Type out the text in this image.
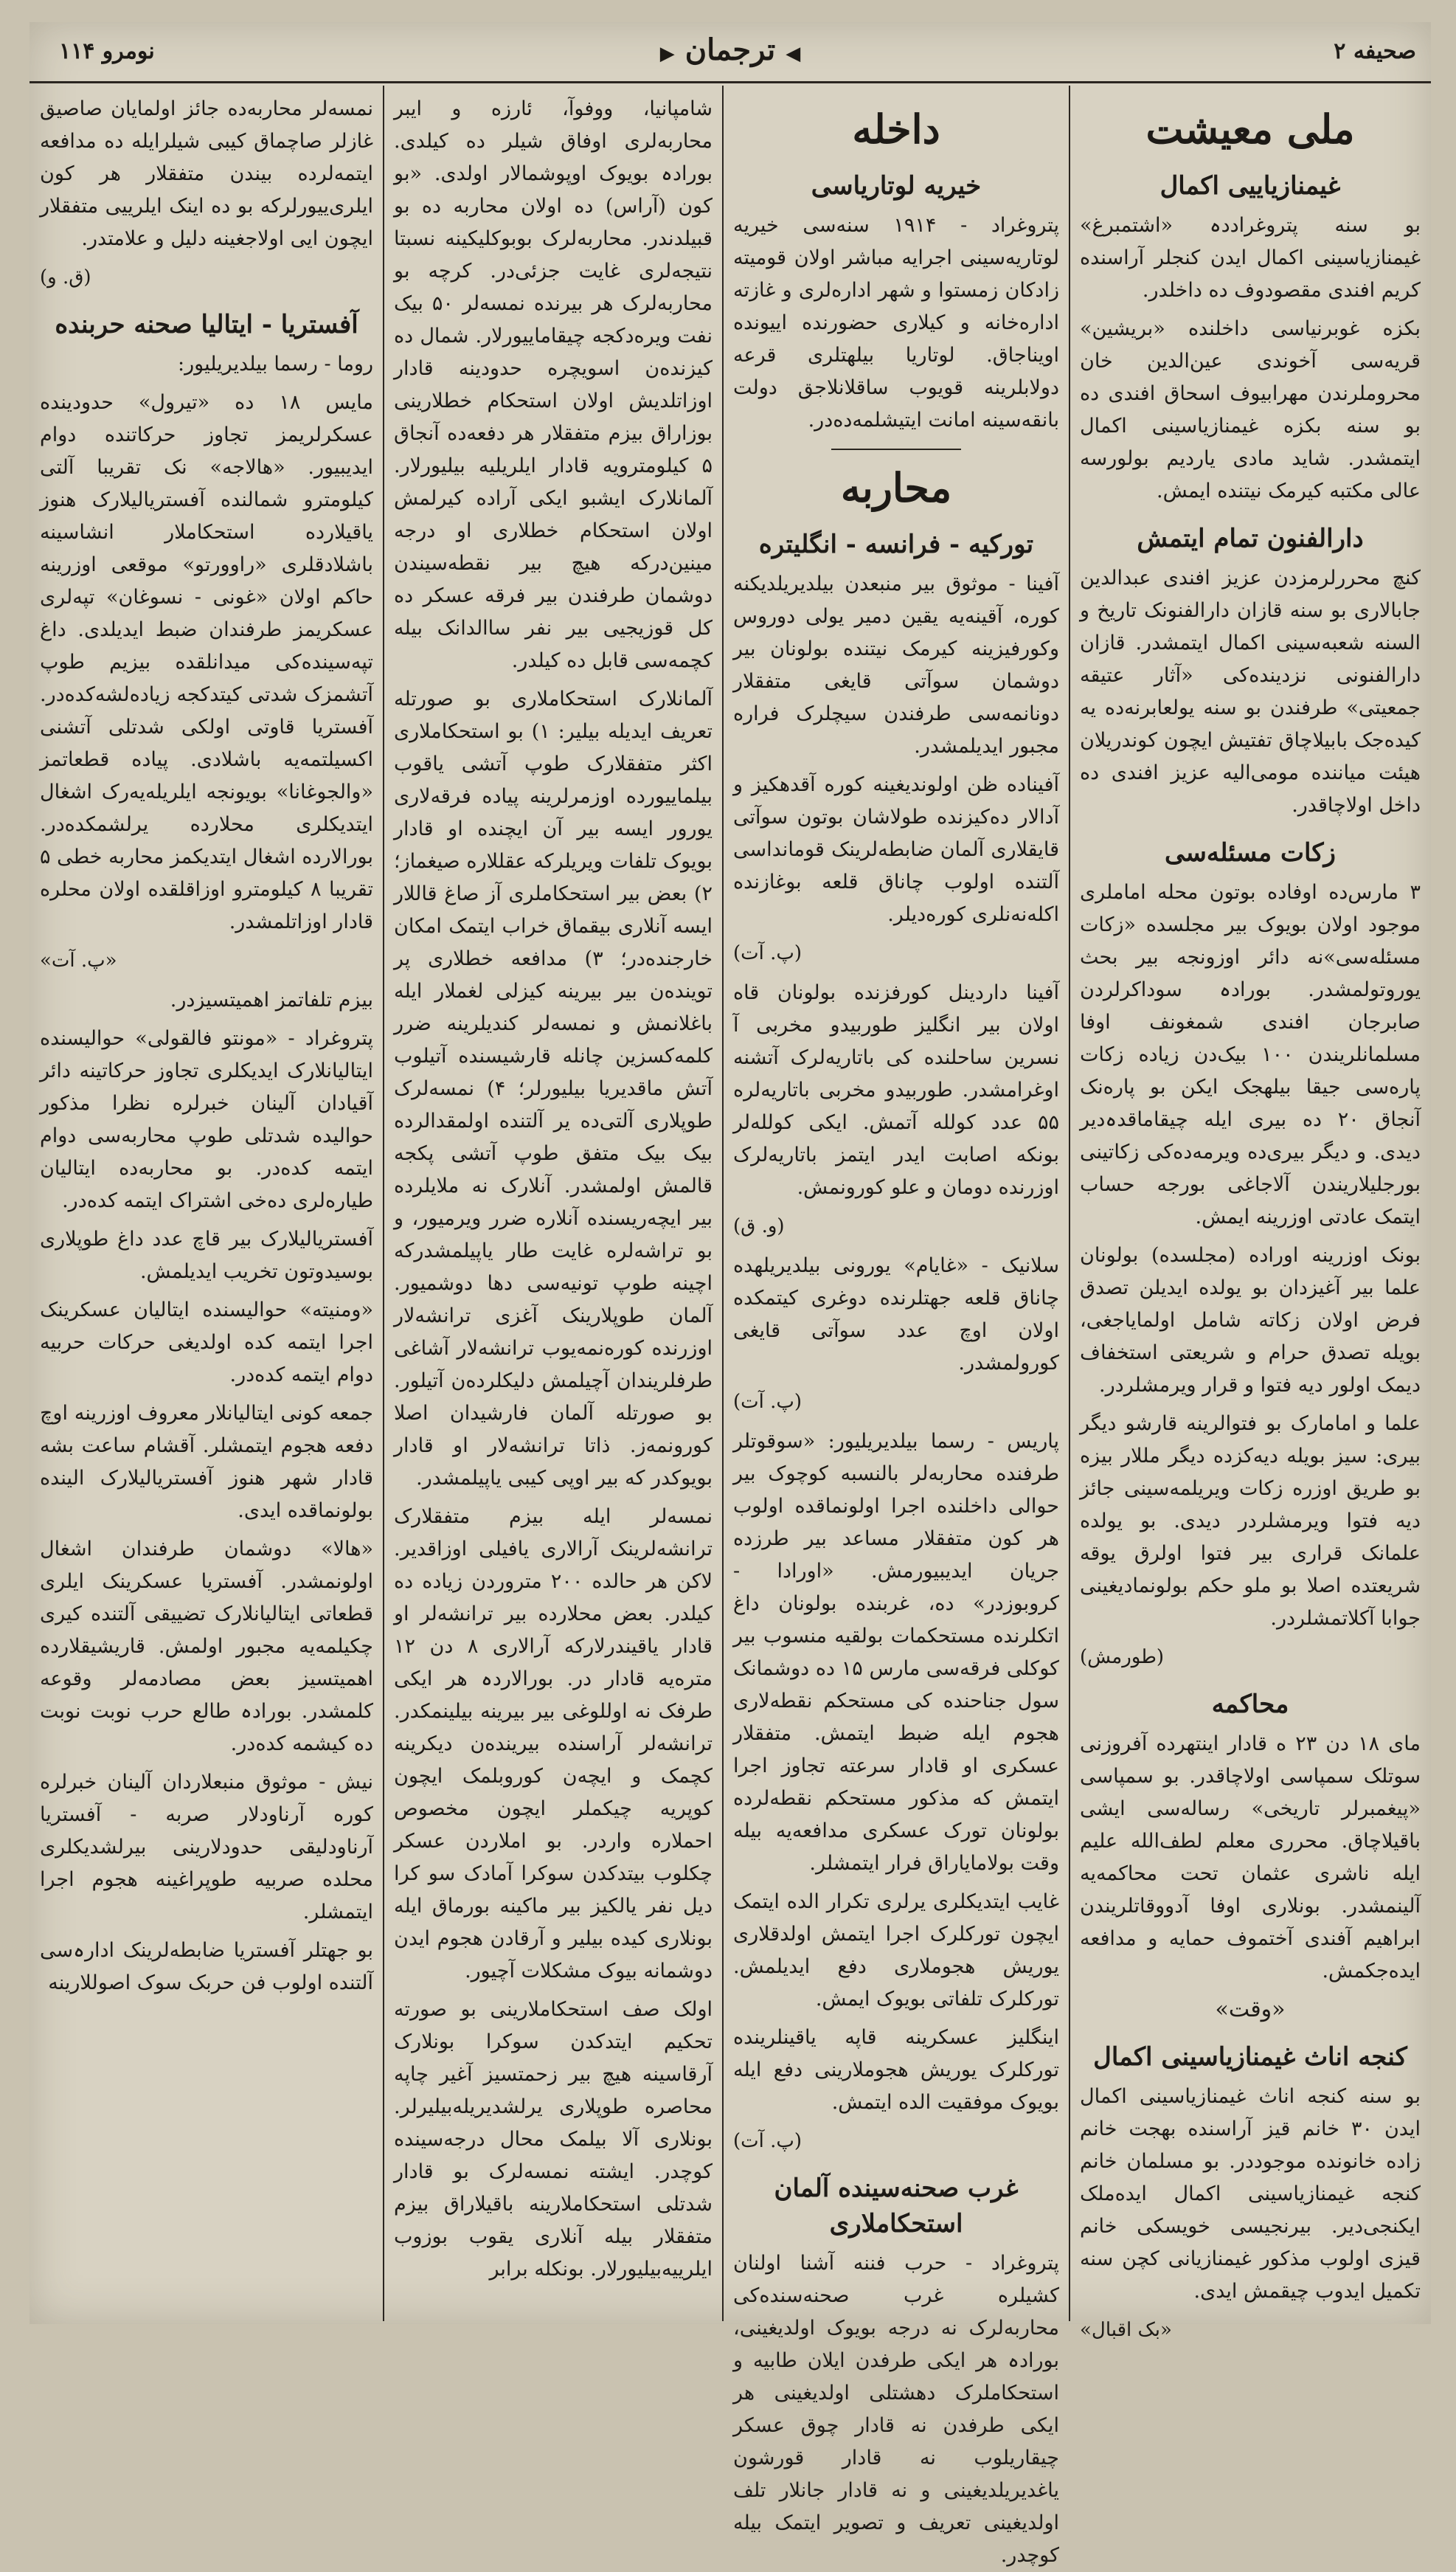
صحیفه ۲
◀ ترجمان ▶
نومرو ۱۱۴
ملی معیشت
غیمنازیاییی اکمال

بو سنه پتروغراددہ «اشتمبرغ» غیمنازیاسینی اکمال ایدن کنجلر آراسنده کریم افندی مقصودوف ده داخلدر.

بکزه غوبرنیاسی داخلنده «بریشین» قریه‌سی آخوندی عین‌الدین خان محروملرندن مهرابیوف اسحاق افندی ده بو سنه بکزه غیمنازیاسینی اکمال ایتمشدر. شاید مادی یاردیم بولورسه عالی مکتبه کیرمک نیتنده ایمش.

دارالفنون تمام ایتمش

کنچ محررلرمزدن عزیز افندی عبدالدین جابالاری بو سنه قازان دارالفنونک تاریخ و السنه شعبه‌سینی اکمال ایتمشدر. قازان دارالفنونی نزدینده‌کی «آثار عتیقه جمعیتی» طرفندن بو سنه یولعابرنه‌ده یه کیده‌جک بابیلاچاق تفتیش ایچون کوندریلان هیئت میاننده مومی‌الیه عزیز افندی ده داخل اولاچاقدر.

زکات مسئله‌سی

۳ مارس‌ده اوفاده بوتون محله اماملری موجود اولان بویوک بیر مجلسده «زکات مسئله‌سی»نه دائر اوزونجه بیر بحث یوروتولمشدر. بورادہ سوداکرلردن صابرجان افندی شمغونف اوفا مسلمانلریندن ۱۰۰ بیک‌دن زیاده زکات پاره‌سی جیقا بیلهجک ایکن بو پاره‌نک آنجاق ۲۰ ده بیری ایله چیقاماقدہ‌دیر دیدی. و دیگر بیری‌ده ویرمه‌ده‌کی زکاتینی بورجلیلاریندن آلاجاغی بورجه حساب ایتمک عادتی اوزرینه ایمش.

بونک اوزرینه اوراده (مجلسده) بولونان علما بیر آغیزدان بو یولده ایدیلن تصدق فرض اولان زکاته شامل اولمایاجغی، بویله تصدق حرام و شریعتی استخفاف دیمک اولور دیه فتوا و قرار ویرمشلردر.

علما و امامارک بو فتوالرینه قارشو دیگر بیری: سیز بویله دیه‌کزده دیگر مللار بیزه بو طریق اوزره زکات ویریلمه‌سینی جائز دیه فتوا ویرمشلردر دیدی. بو یولده علمانک قراری بیر فتوا اولرق یوقه شریعتده اصلا بو ملو حکم بولونمادیغینی جوابا آکلاتمشلردر.

(طورمش)
محاکمه

مای ۱۸ دن ۲۳ ه قادار اینتهرده آفروزنی سوتلک سمپاسی اولاچاقدر. بو سمپاسی «پیغمبرلر تاریخی» رساله‌سی ایشی باقیلاچاق. محرری معلم لطف‌الله علیم ایله ناشری عثمان تحت محاکمه‌یه آلینمشدر. بونلاری اوفا آدووقاتلریندن ابراهیم آفندی آختموف حمایه و مدافعه ایده‌جکمش.

«وقت»
کنجه اناث غیمنازیاسینی اکمال

بو سنه کنجه اناث غیمنازیاسینی اکمال ایدن ۳۰ خانم قیز آراسنده بهجت خانم زاده خانونده موجوددر. بو مسلمان خانم کنجه غیمنازیاسینی اکمال ایده‌ملک ایکنجی‌دیر. بیرنجیسی خویسکی خانم قیزی اولوب مذکور غیمنازیانی کچن سنه تکمیل ایدوب چیقمش ایدی.

«بک اقبال»
داخله
خیریه لوتاریاسی

پتروغراد - ۱۹۱۴ سنه‌سی خیریه لوتاریه‌سینی اجرایه مباشر اولان قومیته زادکان زمستوا و شهر اداره‌لری و غازته اداره‌خانه و کیلاری حضورنده اییونده اویناجاق. لوتاریا بیلهتلری قرعه دولابلرینه قویوب ساقلانلاجق دولت بانقه‌سینه امانت ایتیشلمه‌ده‌در.

محاربه
تورکیه - فرانسه - انگلیتره

آفینا - موثوق بیر منبعدن بیلدیریلدیکنه کوره، آقینه‌یه یقین دمیر یولی دوروس وکورفیزینه کیرمک نیتنده بولونان بیر دوشمان سوآتی قایغی متفقلار دونانمه‌سی طرفندن سیچلرک فراره مجبور ایدیلمشدر.

آفیناده ظن اولوندیغینه کوره آقدهکیز و آدالار ده‌کیزنده طولاشان بوتون سوآتی قایقلاری آلمان ضابطه‌لرینک قوماندا‌سی آلتنده اولوب چاناق قلعه بوغازنده اکله‌نه‌نلری کوره‌دیلر.

(پ. آت)

آفینا داردینل کورفزنده بولونان قاه اولان بیر انگلیز طوربیدو مخربی آ نسرین ساحلنده کی باتاریه‌لرک آتشنه اوغرامشدر. طوربیدو مخربی باتاریه‌لره ۵۵ عدد کولله آتمش. ایکی کولله‌لر بونکه اصابت ایدر ایتمز باتاریه‌لرک اوزرنده دومان و علو کورونمش.

(و. ق)

سلانیک - «غایام» یورونی بیلدیریلهده چاناق قلعه جهتلرنده دوغری کیتمکده اولان اوچ عدد سوآتی قایغی کورولمشدر.

(پ. آت)

پاریس - رسما بیلدیریلیور: «سوقوتلر طرفنده محاربه‌لر بالنسبه کوچوک بیر حوالی داخلنده اجرا اولونماقده اولوب هر کون متفقلار مساعد بیر طرزده جریان ایدیبیورمش. «اورادا - کروبوزدر» ده، غربنده بولونان داغ اتکلرنده مستحکمات بولقیه منسوب بیر کوکلی فرقه‌سی مارس ۱۵ ده دوشمانک سول جناحنده کی مستحکم نقطه‌لاری هجوم ایله ضبط ایتمش. متفقلار عسکری او قادار سرعته تجاوز اجرا ایتمش که مذکور مستحکم نقطه‌لرده بولونان تورک عسکری مدافعه‌یه بیله وقت بولامایاراق فرار ایتمشلر.

غایب ایتدیکلری یرلری تکرار الده ایتمک ایچون تورکلرک اجرا ایتمش اولدقلاری یوریش هجوملاری دفع ایدیلمش. تورکلرک تلفاتی بویوک ایمش.

اینگلیز عسکرینه قاپه یاقینلرینده تورکلرک یوریش هجوملارینی دفع ایله بویوک موفقیت الده ایتمش.

(پ. آت)
غرب صحنه‌سینده آلمان استحکاملاری

پتروغراد - حرب فننه آشنا اولنان کشیلره غرب صحنه‌سنده‌کی محاربه‌لرک نه درجه بویوک اولدیغینی، بورادہ هر ایکی طرفدن ایلان طابیه و استحکاملرک دهشتلی اولدیغینی هر ایکی طرفدن نه قادار چوق عسکر چیقاریلوب نه قادار قورشون یاغدیریلدیغینی و نه قادار جانلار تلف اولدیغینی تعریف و تصویر ایتمک بیله کوچدر.

شامپانیا، ووفوآ، ئارزه و ایبر محاربه‌لری اوفاق شیلر ده کیلدی. بورادہ بویوک اوپوشمالار اولدی. «بو کون (آراس) ده اولان محاربه ده بو قبیلدندر. محاربه‌لرک بوبو‌کلیکینه نسبتا نتیجه‌لری غایت جزئی‌در. کرچه بو محاربه‌لرک هر بیرنده نمسه‌لر ۵۰ بیک نفت ویره‌دکجه چیقاماییورلار. شمال ده کیزنده‌ن اسویچره حدودینه قادار اوزاتلدیش اولان استحکام خطلارینی بوزاراق بیزم متفقلار هر دفعه‌ده آنجاق ۵ کیلومترویه قادار ایلریلیه بیلیورلار. آلمانلارک ایشبو ایکی آراده کیرلمش اولان استحکام خطلاری او درجه مینین‌درکه هیچ بیر نقطه‌سیندن دوشمان طرفندن بیر فرقه عسکر ده کل قوزیجیی بیر نفر ساالدانک بیله کچمه‌سی قابل ده کیلدر.

آلمانلارک استحکاملاری بو صورتله تعریف ایدیله بیلیر: ۱) بو استحکاملاری اکثر متفقلارک طوپ آتشی یاقوب بیلماییورده اوزمرلرینه پیاده فرقه‌لاری یورور ایسه بیر آن ایچنده او قادار بویوک تلفات ویریلرکه عقللاره صیغماز؛ ۲) بعض بیر استحکاملری آز صاغ قاللار ایسه آنلاری بیقماق خراب ایتمک امکان خارجنده‌در؛ ۳) مدافعه خطلاری پر توینده‌ن بیر بیرینه کیزلی لغملار ایله باغلانمش و نمسه‌لر کندیلرینه ضرر کلمه‌کسزین چانله قارشیسنده آتیلوب آتش ماقدیریا بیلیورلر؛ ۴) نمسه‌لرک طوپلاری آلتی‌ده یر آلتنده اولمقدالرده بیک بیک متفق طوپ آتشی پکجه قالمش اولمشدر. آنلارک نه ملایلرده بیر ایچه‌ریسنده آنلاره ضرر ویرمیور، و بو تراشه‌لره غایت طار یاپیلمشدرکه اچینه طوپ تونیه‌سی دها دوشمیور. آلمان طوپلارینک آغزی ترانشه‌لار اوزرنده کوره‌نمه‌یوب ترانشه‌لار آشاغی طرفلریندان آچیلمش دلیکلرده‌ن آتیلور. بو صورتله آلمان فارشیدان اصلا کورونمه‌ز. ذاتا ترانشه‌لار او قادار بویوکدر که بیر اوپی کیبی یاپیلمشدر.

نمسه‌لر ایله بیزم متفقلارک ترانشه‌لرینک آرالاری یافیلی اوزاقدیر. لاکن هر حالده ۲۰۰ متروردن زیاده ده کیلدر. بعض محلارده بیر ترانشه‌لر او قادار یاقیندرلارکه آرالاری ۸ دن ۱۲ متره‌یه قادار در. بورالاردہ هر ایکی طرفک نه اوللوغی بیر بیرینه بیلینمکدر. ترانشه‌لر آراسنده بیرینده‌ن دیکرینه کچمک و ایچه‌ن کوروبلمک ایچون کوپریه چیکملر ایچون مخصوص احملاره واردر. بو املاردن عسکر چکلوب بیتدکدن سوکرا آمادک سو کرا دیل نفر یالکیز بیر ماکینه بورماق ایله بونلاری کیده بیلیر و آرقادن هجوم ایدن دوشمانه بیوک مشکلات آچیور.

اولک صف استحکاملارینی بو صورته تحکیم ایتدکدن سوکرا بونلارک آرقاسینه هیچ بیر زحمتسیز آغیر چاپه محاصره طوپلاری یرلشدیریله‌بیلیرلر. بونلاری آلا بیلمک محال درجه‌سینده کوچدر. ایشته نمسه‌لرک بو قادار شدتلی استحکاملارینه باقیلاراق بیزم متفقلار بیله آنلاری یقوب بوزوب ایلرییه‌بیلیورلار. بونکله برابر

نمسه‌لر محاربه‌ده جائز اولمایان صاصیق غازلر صاچماق کیبی شیلرایله ده مدافعه ایتمه‌لرده بیندن متفقلار هر کون ایلری‌ییورلرکه بو ده اینک ایلرییی متفقلار ایچون ایی اولاجغینه دلیل و علامتدر.

(ق. و)
آفستریا - ایتالیا صحنه‌ حربنده

روما - رسما بیلدیریلیور:

مایس ۱۸ ده «تیرول» حدودینده عسکرلریمز تجاوز حرکاتنده دوام ایدیبیور. «هالاجه» نک تقریبا آلتی کیلومترو شمالنده آفستریالیلارک هنوز یاقیلارده استحکاملار انشا‌سینه باشلادقلری «راوورتو» موقعی اوزرینه حاکم اولان «غونی - نسوغان» تپه‌لری عسکریمز طرفندان ضبط ایدیلدی. داغ تپه‌سینده‌کی میدانلقده بیزیم طوپ آتشمزک شدتی کیتدکجه زیاده‌لشه‌کده‌در. آفستریا قاوتی اولکی شدتلی آتشنی اکسیلتمه‌یه باشلادی. پیاده قطعاتمز «والجوغانا» بویونجه ایلریله‌یه‌رک اشغال ایتدیکلری محلارده یرلشمکده‌در. بورالارده اشغال ایتدیکمز محاربه خطی ۵ تقریبا ۸ کیلومترو اوزاقلقده اولان محلره قادار اوزاتلمشدر.

«پ. آت»

بیزم تلفاتمز اهمیتسیزدر.

پتروغراد - «مونتو فالقولی» حوالیسنده ایتالیانلارک ایدیکلری تجاوز حرکاتینه دائر آقیادان آلینان خبرلره نظرا مذکور حوالیده شدتلی طوپ محاربه‌سی دوام ایتمه کده‌در. بو محاربه‌ده ایتالیان طیاره‌لری ده‌خی اشتراک ایتمه کده‌در.

آفستریالیلارک بیر قاچ عدد داغ طوپلاری بوسیدوتون تخریب ایدیلمش.

«ومنیته» حوالیسنده ایتالیان عسکرینک اجرا ایتمه کده اولدیغی حرکات حربیه‌ دوام ایتمه کده‌در.

جمعه کونی ایتالیانلار معروف اوزرینه اوچ دفعه هجوم ایتمشلر. آقشام ساعت بشه قادار شهر هنوز آفستریالیلارک الینده بولونماقده ایدی.

«هالا» دوشمان طرفندان اشغال اولونمشدر. آفستریا عسکرینک ایلری قطعاتی ایتالیانلارک تضییقی آلتنده کیری چکیلمه‌یه مجبور اولمش. قاریشیقلارده اهمیتسیز بعض مصادمه‌لر وقوعه کلمشدر. بورادہ طالع حرب نوبت نوبت ده کیشمه کده‌در.

نیش - موثوق منبعلاردان آلینان خبرلره کوره آرناودلار صربه - آفستریا آرناودلیقی حدودلارینی بیرلشدیکلری محلده صربیه طوپراغینه هجوم اجرا ایتمشلر.

بو جهتلر آفستریا ضابطه‌لرینک ادارہ‌سی آلتنده اولوب فن حربک سوک اصوللارینه
